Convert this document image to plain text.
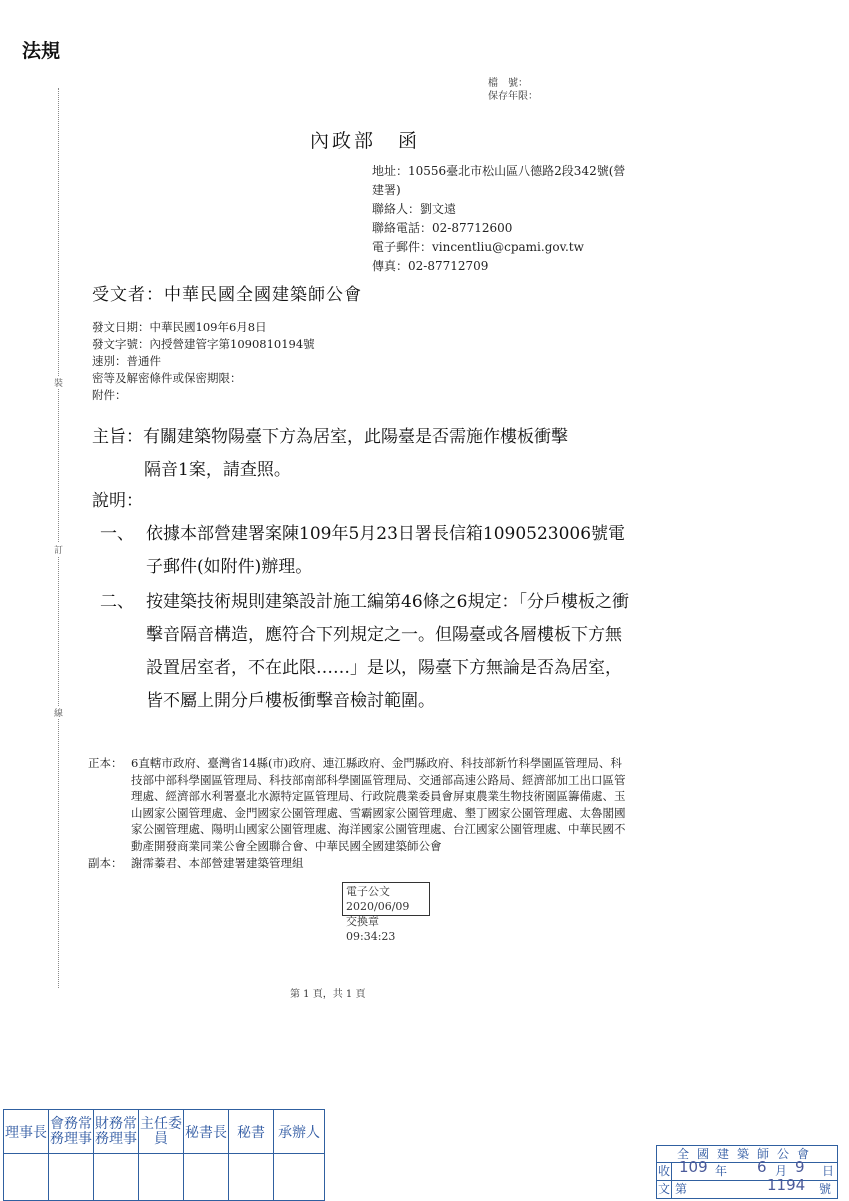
法規
檔　號：
保存年限：
內政部　函
地址：10556臺北市松山區八德路2段342號(營建署)
聯絡人：劉文遠
聯絡電話：02-87712600
電子郵件：vincentliu@cpami.gov.tw
傳真：02-87712709
受文者：中華民國全國建築師公會
發文日期：中華民國109年6月8日
發文字號：內授營建管字第1090810194號
速別：普通件
密等及解密條件或保密期限：
附件：
主旨：有關建築物陽臺下方為居室，此陽臺是否需施作樓板衝擊
隔音1案，請查照。
說明：
一、 依據本部營建署案陳109年5月23日署長信箱1090523006號電子郵件(如附件)辦理。
二、 按建築技術規則建築設計施工編第46條之6規定：「分戶樓板之衝擊音隔音構造，應符合下列規定之一。但陽臺或各層樓板下方無設置居室者，不在此限……」是以，陽臺下方無論是否為居室，皆不屬上開分戶樓板衝擊音檢討範圍。
正本： 6直轄市政府、臺灣省14縣(市)政府、連江縣政府、金門縣政府、科技部新竹科學園區管理局、科技部中部科學園區管理局、科技部南部科學園區管理局、交通部高速公路局、經濟部加工出口區管理處、經濟部水利署臺北水源特定區管理局、行政院農業委員會屏東農業生物技術園區籌備處、玉山國家公園管理處、金門國家公園管理處、雪霸國家公園管理處、墾丁國家公園管理處、太魯閣國家公園管理處、陽明山國家公園管理處、海洋國家公園管理處、台江國家公園管理處、中華民國不動產開發商業同業公會全國聯合會、中華民國全國建築師公會
副本： 謝霈蓁君、本部營建署建築管理組
電子公文 2020/06/09
交換章 09:34:23
第 1 頁，共 1 頁
裝
訂
線
理事長	會務常務理事	財務常務理事	主任委員	秘書長	秘書	承辦人

全國建築師公會
收 109 年 6 月 9 日
文 第	1194 號
